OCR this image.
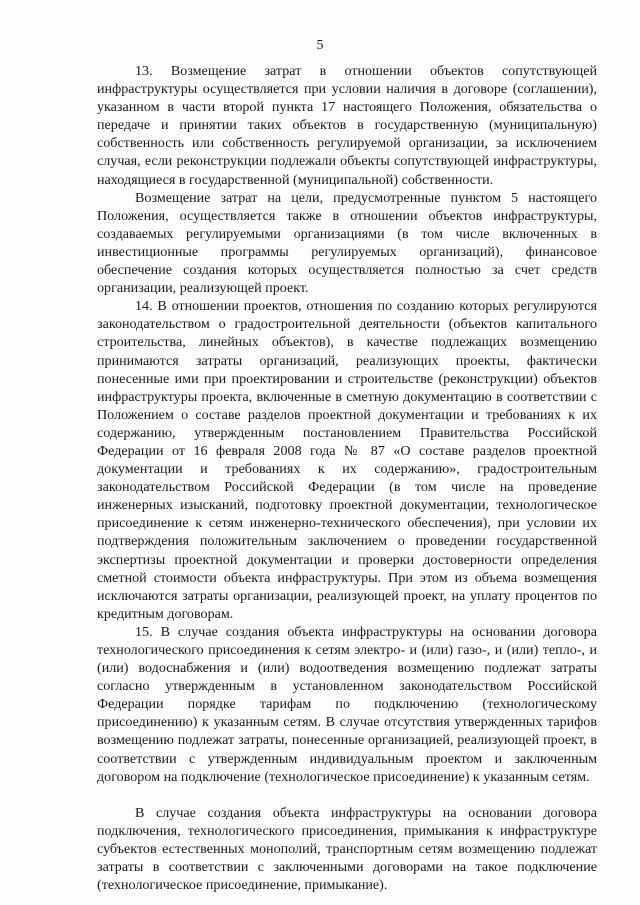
5

13. Возмещение затрат в отношении объектов сопутствующей инфраструктуры осуществляется при условии наличия в договоре (соглашении), указанном в части второй пункта 17 настоящего Положения, обязательства о передаче и принятии таких объектов в государственную (муниципальную) собственность или собственность регулируемой организации, за исключением случая, если реконструкции подлежали объекты сопутствующей инфраструктуры, находящиеся в государственной (муниципальной) собственности.

Возмещение затрат на цели, предусмотренные пунктом 5 настоящего Положения, осуществляется также в отношении объектов инфраструктуры, создаваемых регулируемыми организациями (в том числе включенных в инвестиционные программы регулируемых организаций), финансовое обеспечение создания которых осуществляется полностью за счет средств организации, реализующей проект.

14. В отношении проектов, отношения по созданию которых регулируются законодательством о градостроительной деятельности (объектов капитального строительства, линейных объектов), в качестве подлежащих возмещению принимаются затраты организаций, реализующих проекты, фактически понесенные ими при проектировании и строительстве (реконструкции) объектов инфраструктуры проекта, включенные в сметную документацию в соответствии с Положением о составе разделов проектной документации и требованиях к их содержанию, утвержденным постановлением Правительства Российской Федерации от 16 февраля 2008 года № 87 «О составе разделов проектной документации и требованиях к их содержанию», градостроительным законодательством Российской Федерации (в том числе на проведение инженерных изысканий, подготовку проектной документации, технологическое присоединение к сетям инженерно-технического обеспечения), при условии их подтверждения положительным заключением о проведении государственной экспертизы проектной документации и проверки достоверности определения сметной стоимости объекта инфраструктуры. При этом из объема возмещения исключаются затраты организации, реализующей проект, на уплату процентов по кредитным договорам.

15. В случае создания объекта инфраструктуры на основании договора технологического присоединения к сетям электро- и (или) газо-, и (или) тепло-, и (или) водоснабжения и (или) водоотведения возмещению подлежат затраты согласно утвержденным в установленном законодательством Российской Федерации порядке тарифам по подключению (технологическому присоединению) к указанным сетям. В случае отсутствия утвержденных тарифов возмещению подлежат затраты, понесенные организацией, реализующей проект, в соответствии с утвержденным индивидуальным проектом и заключенным договором на подключение (технологическое присоединение) к указанным сетям.

В случае создания объекта инфраструктуры на основании договора подключения, технологического присоединения, примыкания к инфраструктуре субъектов естественных монополий, транспортным сетям возмещению подлежат затраты в соответствии с заключенными договорами на такое подключение (технологическое присоединение, примыкание).
